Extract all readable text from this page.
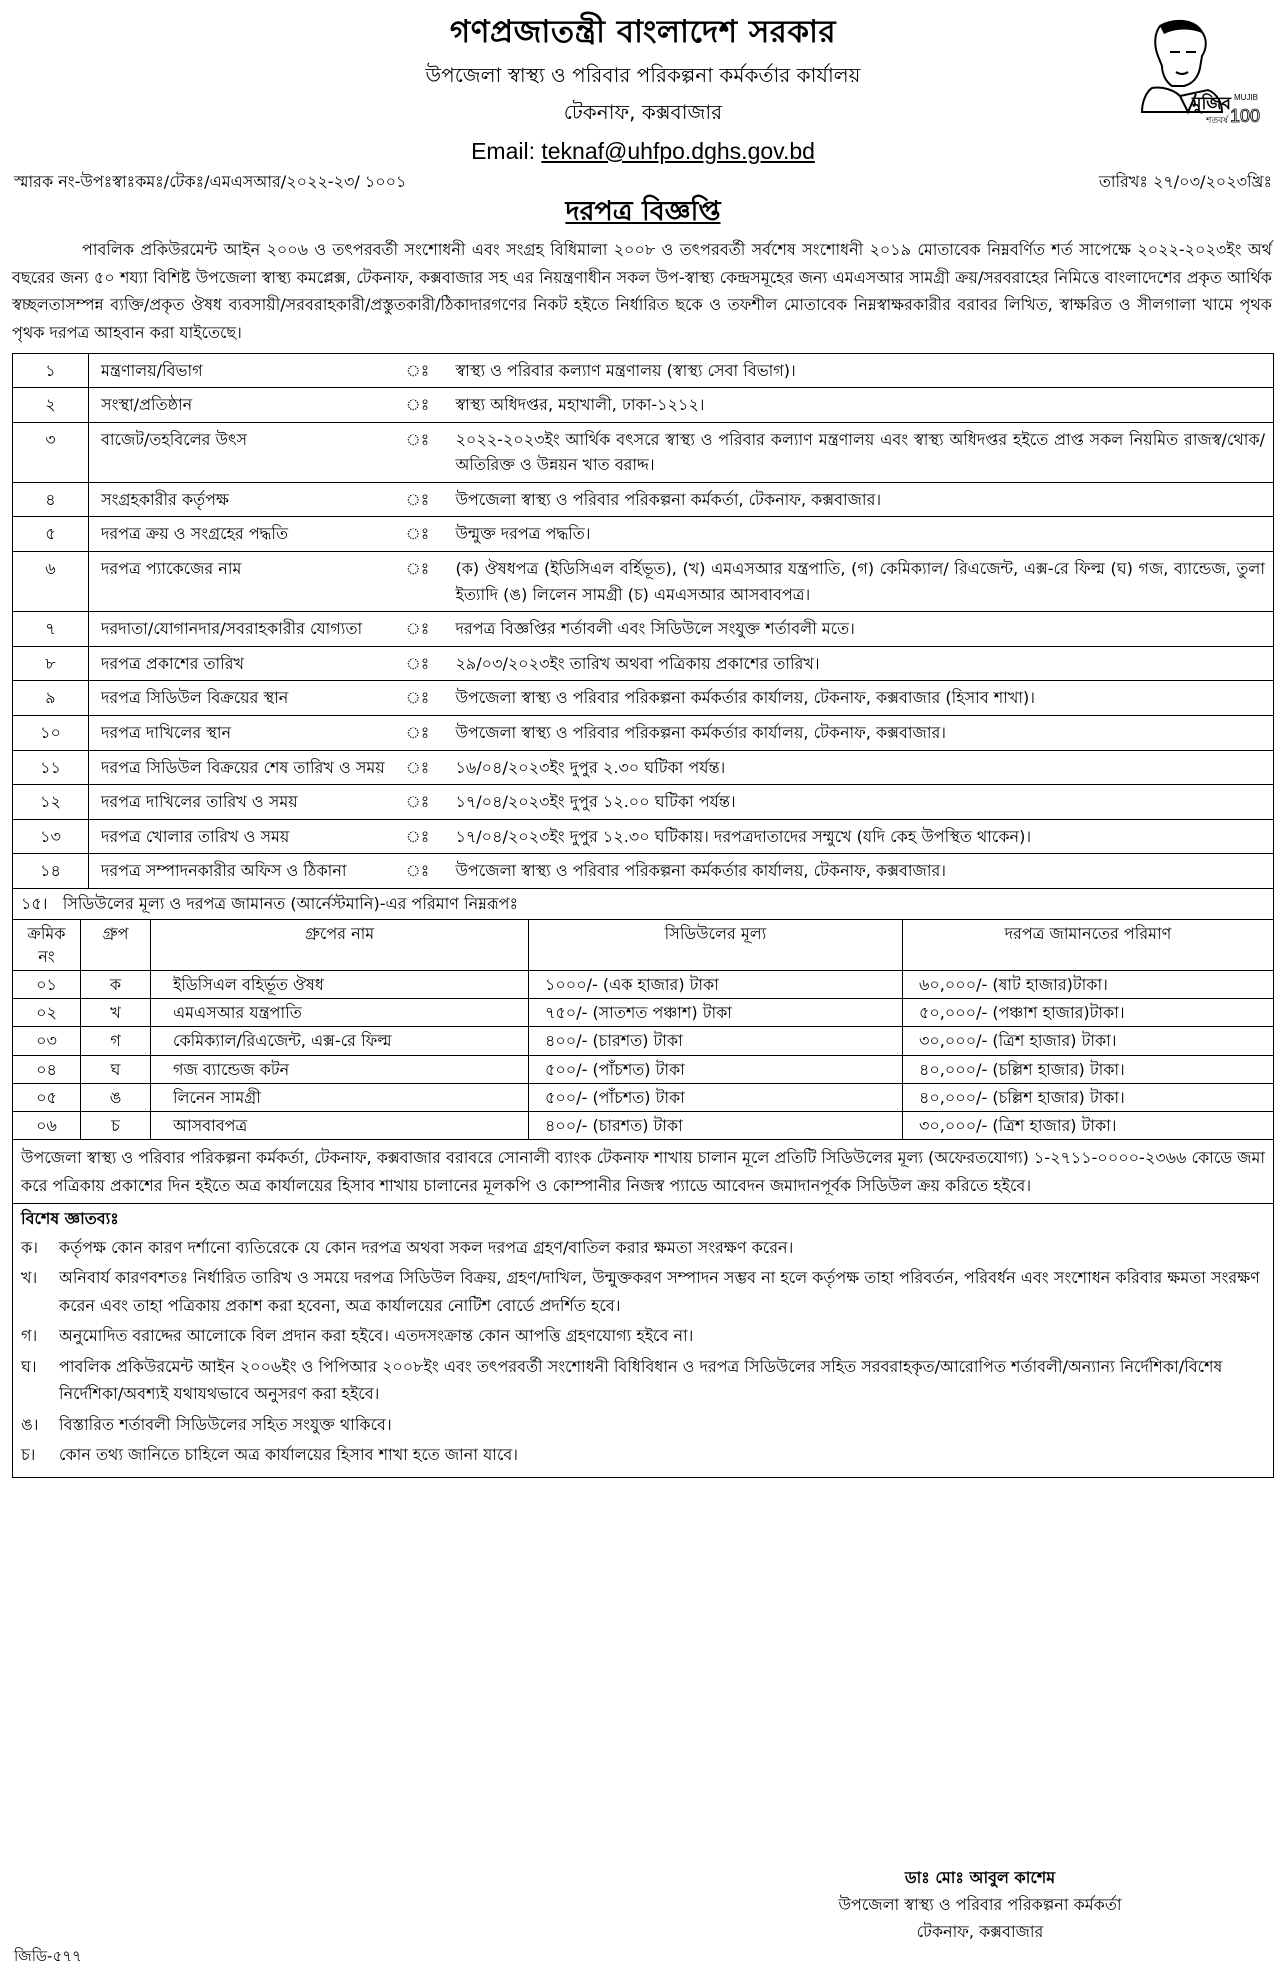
গণপ্রজাতন্ত্রী বাংলাদেশ সরকার
উপজেলা স্বাস্থ্য ও পরিবার পরিকল্পনা কর্মকর্তার কার্যালয়
টেকনাফ, কক্সবাজার
Email: teknaf@uhfpo.dghs.gov.bd
মুজিব
শতবর্ষ
MUJIB
100
স্মারক নং-উপঃস্বাঃকমঃ/টেকঃ/এমএসআর/২০২২-২৩/ ১০০১	তারিখঃ ২৭/০৩/২০২৩খ্রিঃ
দরপত্র বিজ্ঞপ্তি

পাবলিক প্রকিউরমেন্ট আইন ২০০৬ ও তৎপরবর্তী সংশোধনী এবং সংগ্রহ বিধিমালা ২০০৮ ও তৎপরবর্তী সর্বশেষ সংশোধনী ২০১৯ মোতাবেক নিম্নবর্ণিত শর্ত সাপেক্ষে ২০২২-২০২৩ইং অর্থ বছরের জন্য ৫০ শয্যা বিশিষ্ট উপজেলা স্বাস্থ্য কমপ্লেক্স, টেকনাফ, কক্সবাজার সহ এর নিয়ন্ত্রণাধীন সকল উপ-স্বাস্থ্য কেন্দ্রসমূহের জন্য এমএসআর সামগ্রী ক্রয়/সরবরাহের নিমিত্তে বাংলাদেশের প্রকৃত আর্থিক স্বচ্ছলতাসম্পন্ন ব্যক্তি/প্রকৃত ঔষধ ব্যবসায়ী/সরবরাহকারী/প্রস্তুতকারী/ঠিকাদারগণের নিকট হইতে নির্ধারিত ছকে ও তফশীল মোতাবেক নিম্নস্বাক্ষরকারীর বরাবর লিখিত, স্বাক্ষরিত ও সীলগালা খামে পৃথক পৃথক দরপত্র আহবান করা যাইতেছে।

১	মন্ত্রণালয়/বিভাগ	ঃ	স্বাস্থ্য ও পরিবার কল্যাণ মন্ত্রণালয় (স্বাস্থ্য সেবা বিভাগ)।
২	সংস্থা/প্রতিষ্ঠান	ঃ	স্বাস্থ্য অধিদপ্তর, মহাখালী, ঢাকা-১২১২।
৩	বাজেট/তহবিলের উৎস	ঃ	২০২২-২০২৩ইং আর্থিক বৎসরে স্বাস্থ্য ও পরিবার কল্যাণ মন্ত্রণালয় এবং স্বাস্থ্য অধিদপ্তর হইতে প্রাপ্ত সকল নিয়মিত রাজস্ব/থোক/ অতিরিক্ত ও উন্নয়ন খাত বরাদ্দ।
৪	সংগ্রহকারীর কর্তৃপক্ষ	ঃ	উপজেলা স্বাস্থ্য ও পরিবার পরিকল্পনা কর্মকর্তা, টেকনাফ, কক্সবাজার।
৫	দরপত্র ক্রয় ও সংগ্রহের পদ্ধতি	ঃ	উন্মুক্ত দরপত্র পদ্ধতি।
৬	দরপত্র প্যাকেজের নাম	ঃ	(ক) ঔষধপত্র (ইডিসিএল বর্হিভূত), (খ) এমএসআর যন্ত্রপাতি, (গ) কেমিক্যাল/ রিএজেন্ট, এক্স-রে ফিল্ম (ঘ) গজ, ব্যান্ডেজ, তুলা ইত্যাদি (ঙ) লিলেন সামগ্রী (চ) এমএসআর আসবাবপত্র।
৭	দরদাতা/যোগানদার/সবরাহকারীর যোগ্যতা	ঃ	দরপত্র বিজ্ঞপ্তির শর্তাবলী এবং সিডিউলে সংযুক্ত শর্তাবলী মতে।
৮	দরপত্র প্রকাশের তারিখ	ঃ	২৯/০৩/২০২৩ইং তারিখ অথবা পত্রিকায় প্রকাশের তারিখ।
৯	দরপত্র সিডিউল বিক্রয়ের স্থান	ঃ	উপজেলা স্বাস্থ্য ও পরিবার পরিকল্পনা কর্মকর্তার কার্যালয়, টেকনাফ, কক্সবাজার (হিসাব শাখা)।
১০	দরপত্র দাখিলের স্থান	ঃ	উপজেলা স্বাস্থ্য ও পরিবার পরিকল্পনা কর্মকর্তার কার্যালয়, টেকনাফ, কক্সবাজার।
১১	দরপত্র সিডিউল বিক্রয়ের শেষ তারিখ ও সময়	ঃ	১৬/০৪/২০২৩ইং দুপুর ২.৩০ ঘটিকা পর্যন্ত।
১২	দরপত্র দাখিলের তারিখ ও সময়	ঃ	১৭/০৪/২০২৩ইং দুপুর ১২.০০ ঘটিকা পর্যন্ত।
১৩	দরপত্র খোলার তারিখ ও সময়	ঃ	১৭/০৪/২০২৩ইং দুপুর ১২.৩০ ঘটিকায়। দরপত্রদাতাদের সম্মুখে (যদি কেহ উপস্থিত থাকেন)।
১৪	দরপত্র সম্পাদনকারীর অফিস ও ঠিকানা	ঃ	উপজেলা স্বাস্থ্য ও পরিবার পরিকল্পনা কর্মকর্তার কার্যালয়, টেকনাফ, কক্সবাজার।
১৫। সিডিউলের মূল্য ও দরপত্র জামানত (আর্নেস্টমানি)-এর পরিমাণ নিম্নরূপঃ
ক্রমিক নং	গ্রুপ	গ্রুপের নাম	সিডিউলের মূল্য	দরপত্র জামানতের পরিমাণ
০১	ক	ইডিসিএল বহির্ভূত ঔষধ	১০০০/- (এক হাজার) টাকা	৬০,০০০/- (ষাট হাজার)টাকা।
০২	খ	এমএসআর যন্ত্রপাতি	৭৫০/- (সাতশত পঞ্চাশ) টাকা	৫০,০০০/- (পঞ্চাশ হাজার)টাকা।
০৩	গ	কেমিক্যাল/রিএজেন্ট, এক্স-রে ফিল্ম	৪০০/- (চারশত) টাকা	৩০,০০০/- (ত্রিশ হাজার) টাকা।
০৪	ঘ	গজ ব্যান্ডেজ কটন	৫০০/- (পাঁচশত) টাকা	৪০,০০০/- (চল্লিশ হাজার) টাকা।
০৫	ঙ	লিনেন সামগ্রী	৫০০/- (পাঁচশত) টাকা	৪০,০০০/- (চল্লিশ হাজার) টাকা।
০৬	চ	আসবাবপত্র	৪০০/- (চারশত) টাকা	৩০,০০০/- (ত্রিশ হাজার) টাকা।
উপজেলা স্বাস্থ্য ও পরিবার পরিকল্পনা কর্মকর্তা, টেকনাফ, কক্সবাজার বরাবরে সোনালী ব্যাংক টেকনাফ শাখায় চালান মূলে প্রতিটি সিডিউলের মূল্য (অফেরতযোগ্য) ১-২৭১১-০০০০-২৩৬৬ কোডে জমা করে পত্রিকায় প্রকাশের দিন হইতে অত্র কার্যালয়ের হিসাব শাখায় চালানের মূলকপি ও কোম্পানীর নিজস্ব প্যাডে আবেদন জমাদানপূর্বক সিডিউল ক্রয় করিতে হইবে।
বিশেষ জ্ঞাতব্যঃ
ক।	কর্তৃপক্ষ কোন কারণ দর্শানো ব্যতিরেকে যে কোন দরপত্র অথবা সকল দরপত্র গ্রহণ/বাতিল করার ক্ষমতা সংরক্ষণ করেন।
খ।	অনিবার্য কারণবশতঃ নির্ধারিত তারিখ ও সময়ে দরপত্র সিডিউল বিক্রয়, গ্রহণ/দাখিল, উন্মুক্তকরণ সম্পাদন সম্ভব না হলে কর্তৃপক্ষ তাহা পরিবর্তন, পরিবর্ধন এবং সংশোধন করিবার ক্ষমতা সংরক্ষণ করেন এবং তাহা পত্রিকায় প্রকাশ করা হবেনা, অত্র কার্যালয়ের নোটিশ বোর্ডে প্রদর্শিত হবে।
গ।	অনুমোদিত বরাদ্দের আলোকে বিল প্রদান করা হইবে। এতদসংক্রান্ত কোন আপত্তি গ্রহণযোগ্য হইবে না।
ঘ।	পাবলিক প্রকিউরমেন্ট আইন ২০০৬ইং ও পিপিআর ২০০৮ইং এবং তৎপরবর্তী সংশোধনী বিধিবিধান ও দরপত্র সিডিউলের সহিত সরবরাহকৃত/আরোপিত শর্তাবলী/অন্যান্য নির্দেশিকা/বিশেষ নির্দেশিকা/অবশ্যই যথাযথভাবে অনুসরণ করা হইবে।
ঙ।	বিস্তারিত শর্তাবলী সিডিউলের সহিত সংযুক্ত থাকিবে।
চ।	কোন তথ্য জানিতে চাহিলে অত্র কার্যালয়ের হিসাব শাখা হতে জানা যাবে।
ডাঃ মোঃ আবুল কাশেম
উপজেলা স্বাস্থ্য ও পরিবার পরিকল্পনা কর্মকর্তা
টেকনাফ, কক্সবাজার
জিডি-৫৭৭
